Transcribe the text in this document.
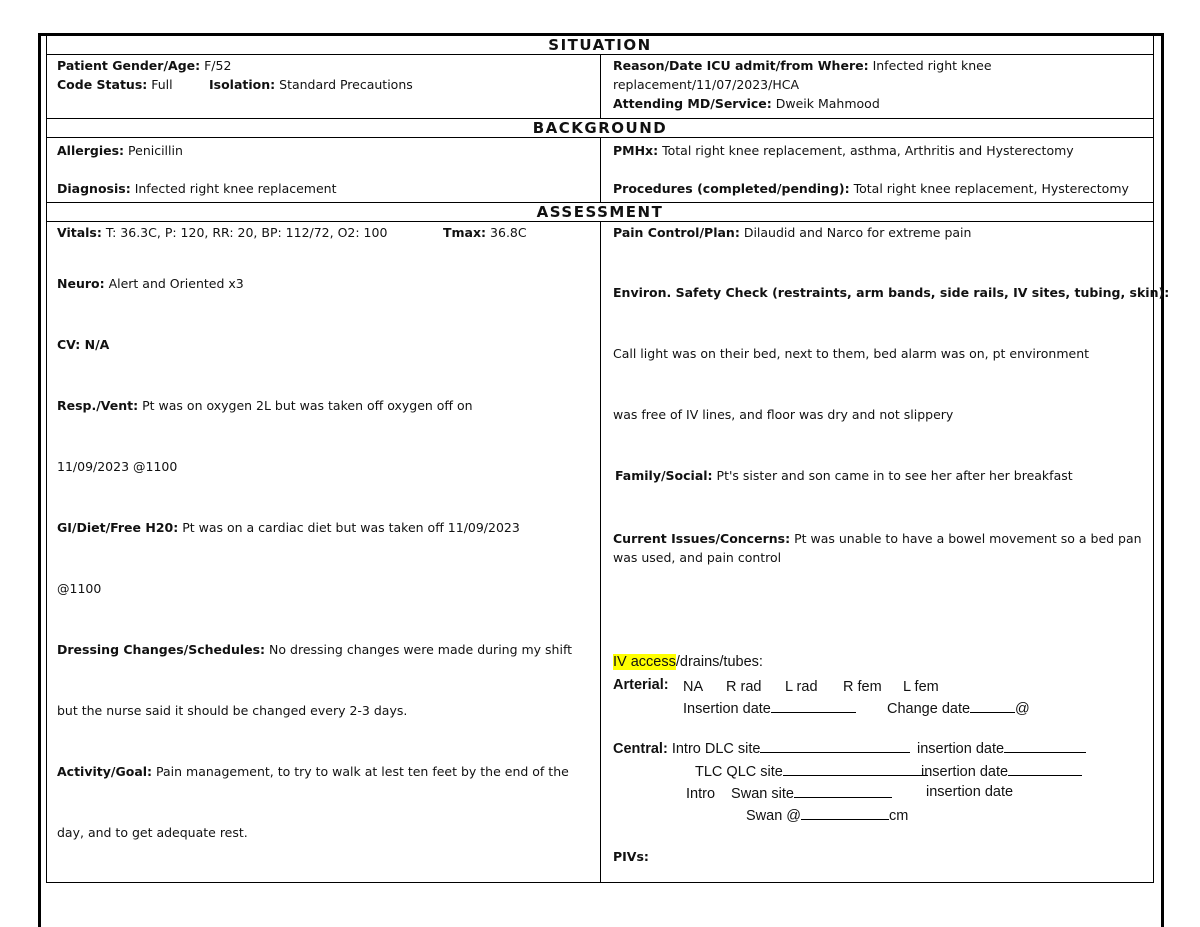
SITUATION
Patient Gender/Age: F/52
Code Status: Full	Isolation: Standard Precautions
Reason/Date ICU admit/from Where: Infected right knee
replacement/11/07/2023/HCA
Attending MD/Service: Dweik Mahmood
BACKGROUND
Allergies: Penicillin
Diagnosis: Infected right knee replacement
PMHx: Total right knee replacement, asthma, Arthritis and Hysterectomy
Procedures (completed/pending): Total right knee replacement, Hysterectomy
ASSESSMENT
Vitals: T: 36.3C, P: 120, RR: 20, BP: 112/72, O2: 100	Tmax: 36.8C
Neuro: Alert and Oriented x3
CV: N/A
Resp./Vent: Pt was on oxygen 2L but was taken off oxygen off on
11/09/2023 @1100
GI/Diet/Free H20: Pt was on a cardiac diet but was taken off 11/09/2023
@1100
Dressing Changes/Schedules: No dressing changes were made during my shift
but the nurse said it should be changed every 2-3 days.
Activity/Goal: Pain management, to try to walk at lest ten feet by the end of the
day, and to get adequate rest.
Pain Control/Plan: Dilaudid and Narco for extreme pain
Environ. Safety Check (restraints, arm bands, side rails, IV sites, tubing, skin):
Call light was on their bed, next to them, bed alarm was on, pt environment
was free of IV lines, and floor was dry and not slippery
Family/Social: Pt's sister and son came in to see her after her breakfast
Current Issues/Concerns: Pt was unable to have a bowel movement so a bed pan
was used, and pain control
IV access/drains/tubes:
Arterial: NA R rad L rad R fem L fem
Insertion date	Change date	@
Central: Intro DLC site	insertion date
TLC QLC site	insertion date
Intro Swan site	insertion date
Swan @	cm
PIVs:
